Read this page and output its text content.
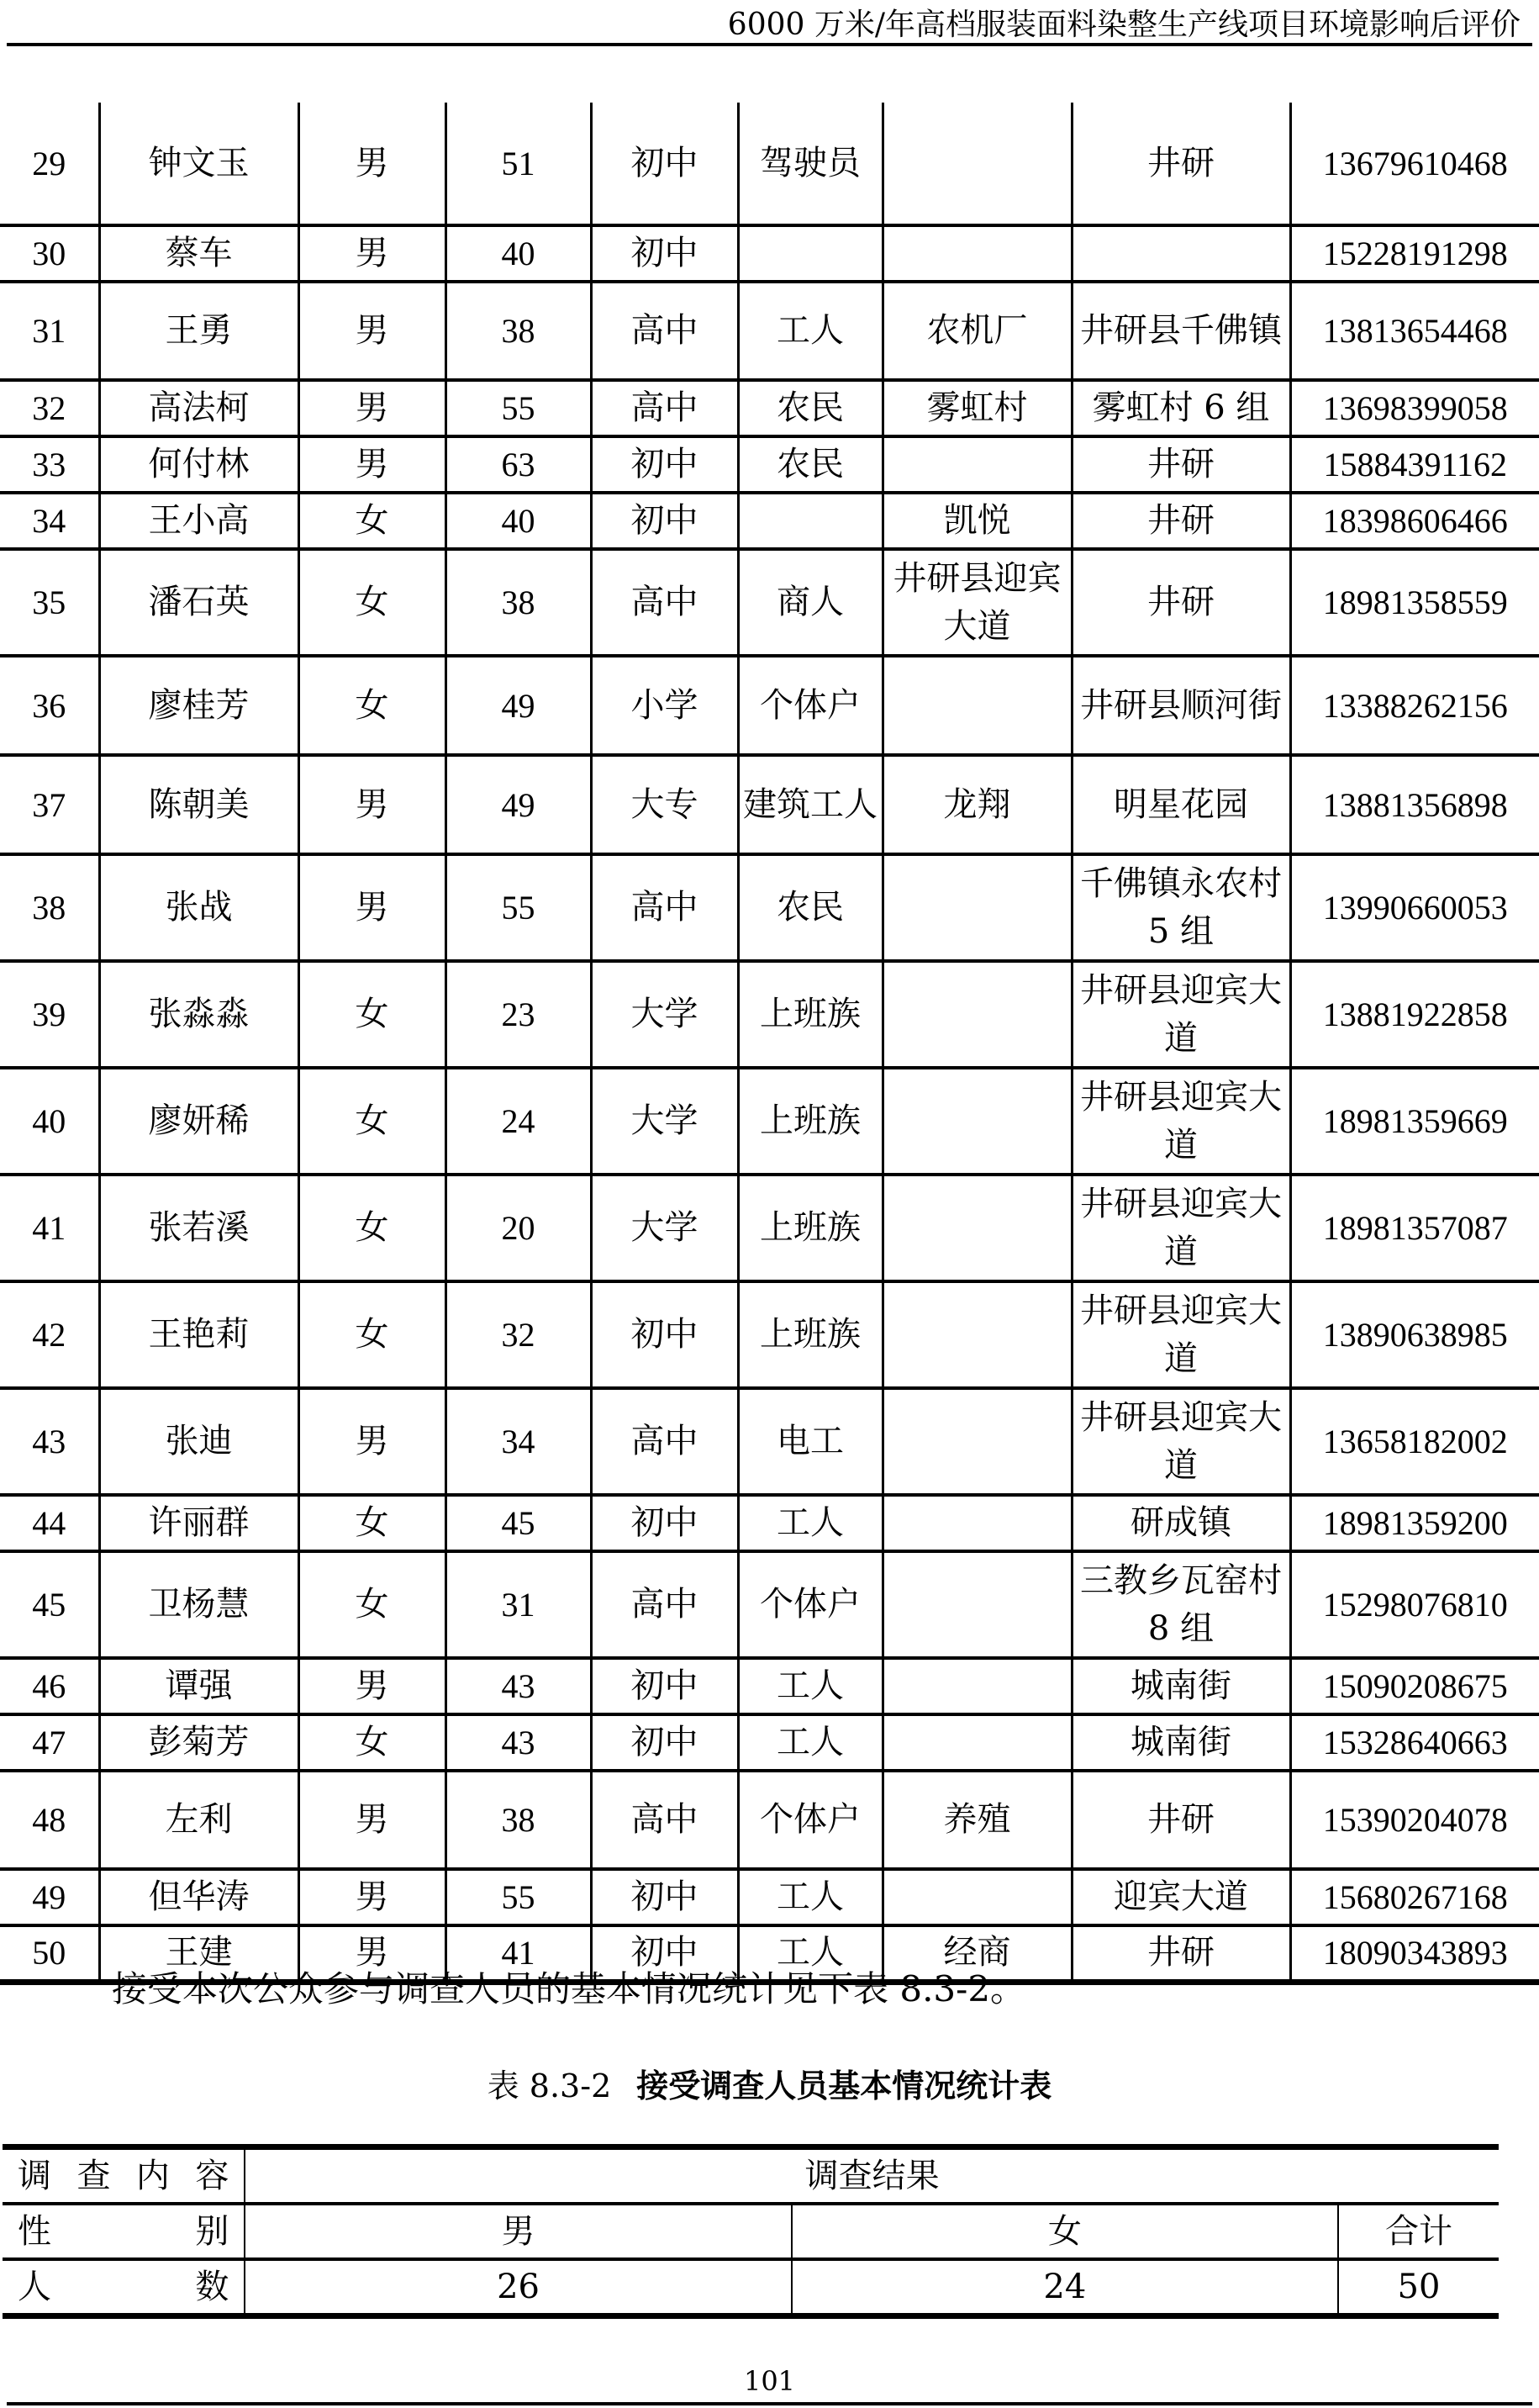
6000 万米/年高档服装面料染整生产线项目环境影响后评价
29	钟文玉	男	51	初中	驾驶员		井研	13679610468
30	蔡车	男	40	初中				15228191298
31	王勇	男	38	高中	工人	农机厂	井研县千佛镇	13813654468
32	高法柯	男	55	高中	农民	雾虹村	雾虹村 6 组	13698399058
33	何付林	男	63	初中	农民		井研	15884391162
34	王小高	女	40	初中		凯悦	井研	18398606466
35	潘石英	女	38	高中	商人	井研县迎宾大道	井研	18981358559
36	廖桂芳	女	49	小学	个体户		井研县顺河街	13388262156
37	陈朝美	男	49	大专	建筑工人	龙翔	明星花园	13881356898
38	张战	男	55	高中	农民		千佛镇永农村 5 组	13990660053
39	张淼淼	女	23	大学	上班族		井研县迎宾大道	13881922858
40	廖妍稀	女	24	大学	上班族		井研县迎宾大道	18981359669
41	张若溪	女	20	大学	上班族		井研县迎宾大道	18981357087
42	王艳莉	女	32	初中	上班族		井研县迎宾大道	13890638985
43	张迪	男	34	高中	电工		井研县迎宾大道	13658182002
44	许丽群	女	45	初中	工人		研成镇	18981359200
45	卫杨慧	女	31	高中	个体户		三教乡瓦窑村 8 组	15298076810
46	谭强	男	43	初中	工人		城南街	15090208675
47	彭菊芳	女	43	初中	工人		城南街	15328640663
48	左利	男	38	高中	个体户	养殖	井研	15390204078
49	但华涛	男	55	初中	工人		迎宾大道	15680267168
50	王建	男	41	初中	工人	经商	井研	18090343893
接受本次公众参与调查人员的基本情况统计见下表 8.3-2。
表 8.3-2 接受调查人员基本情况统计表
调查内容	调查结果		
性别	男	女	合计
人数	26	24	50
101
